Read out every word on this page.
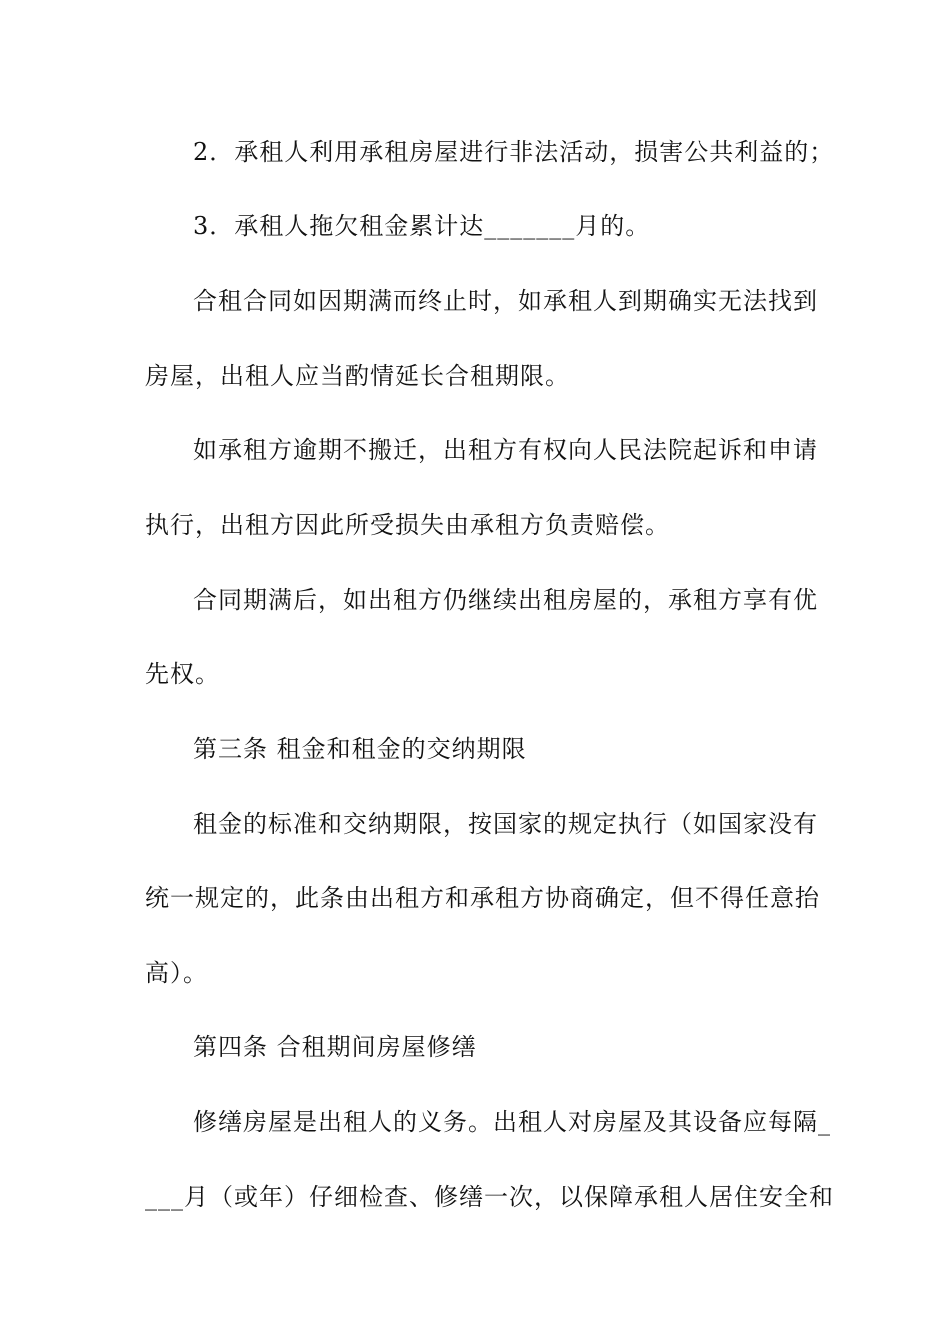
2．承租人利用承租房屋进行非法活动，损害公共利益的；
3．承租人拖欠租金累计达_______月的。
合租合同如因期满而终止时，如承租人到期确实无法找到
房屋，出租人应当酌情延长合租期限。
如承租方逾期不搬迁，出租方有权向人民法院起诉和申请
执行，出租方因此所受损失由承租方负责赔偿。
合同期满后，如出租方仍继续出租房屋的，承租方享有优
先权。
第三条 租金和租金的交纳期限
租金的标准和交纳期限，按国家的规定执行（如国家没有
统一规定的，此条由出租方和承租方协商确定，但不得任意抬
高）。
第四条 合租期间房屋修缮
修缮房屋是出租人的义务。出租人对房屋及其设备应每隔_
___月（或年）仔细检查、修缮一次，以保障承租人居住安全和
